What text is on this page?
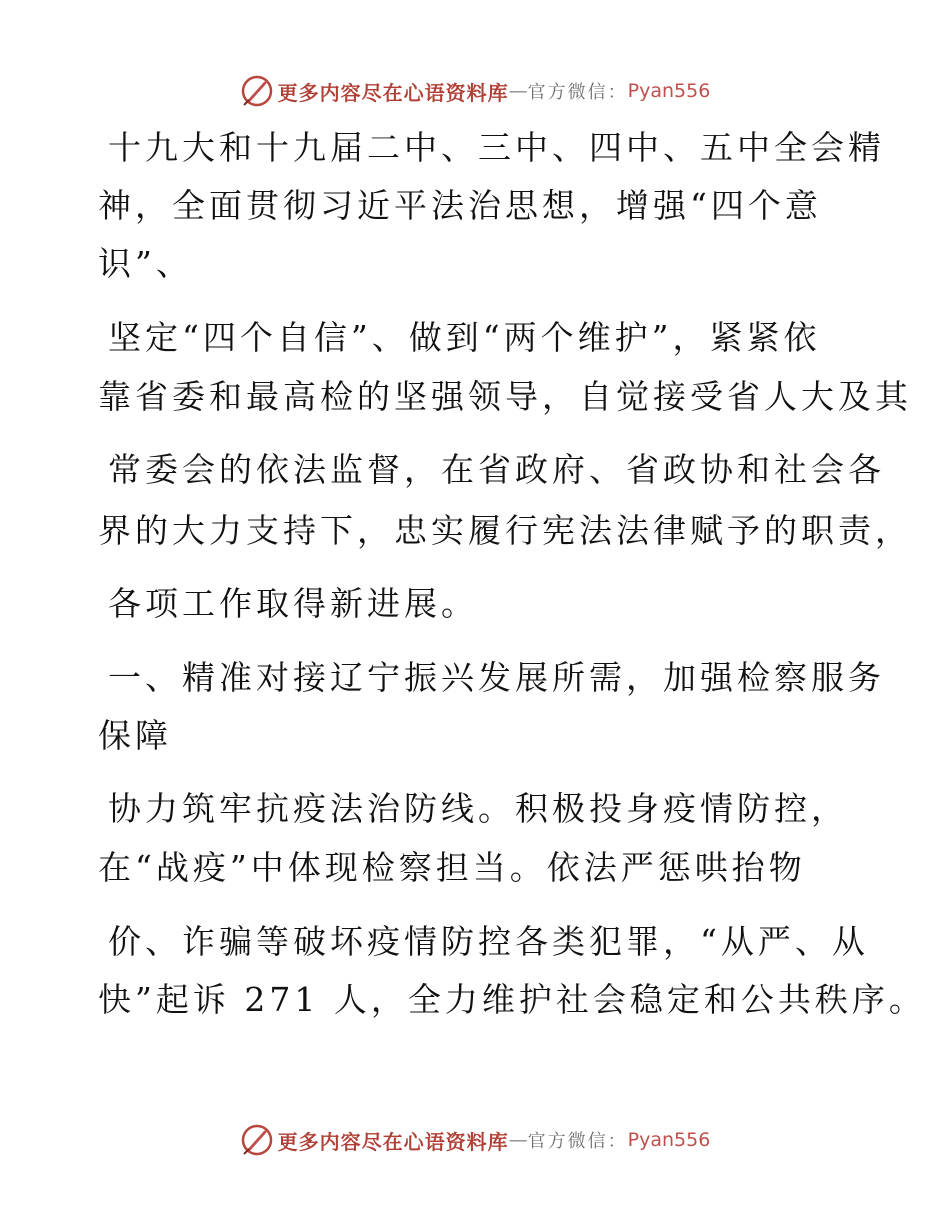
更多内容尽在心语资料库 — 官方微信： Pyan556
十九大和十九届二中、三中、四中、五中全会精
神，全面贯彻习近平法治思想，增强“四个意
识”、
坚定“四个自信”、做到“两个维护”，紧紧依
靠省委和最高检的坚强领导，自觉接受省人大及其
常委会的依法监督，在省政府、省政协和社会各
界的大力支持下，忠实履行宪法法律赋予的职责，
各项工作取得新进展。
一、精准对接辽宁振兴发展所需，加强检察服务
保障
协力筑牢抗疫法治防线。积极投身疫情防控，
在“战疫”中体现检察担当。依法严惩哄抬物
价、诈骗等破坏疫情防控各类犯罪，“从严、从
快”起诉 271 人，全力维护社会稳定和公共秩序。
更多内容尽在心语资料库 — 官方微信： Pyan556
